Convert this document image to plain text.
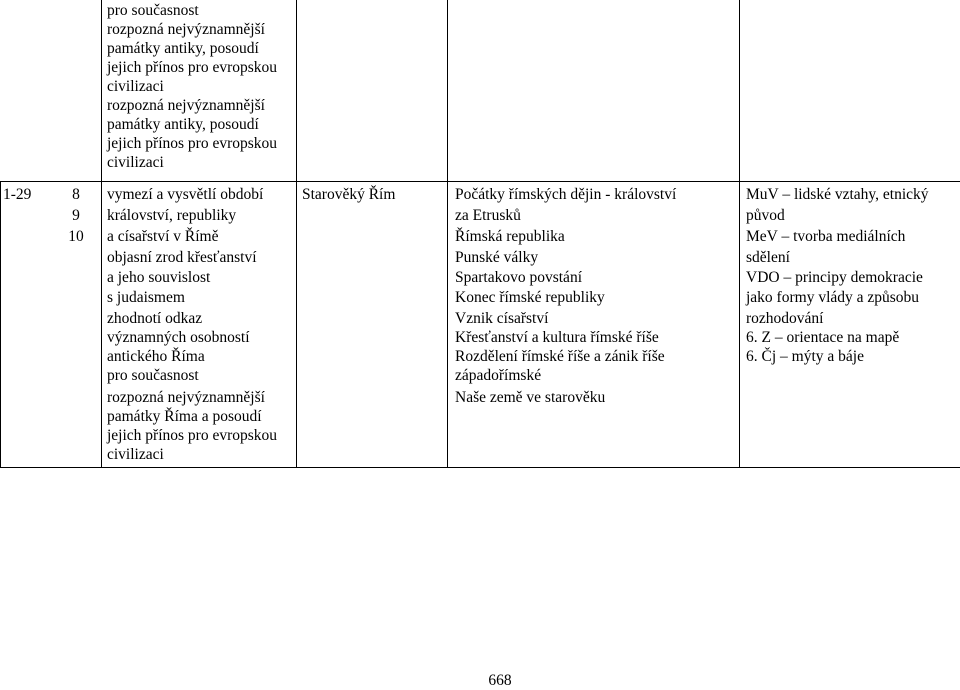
pro současnost
rozpozná nejvýznamnější
památky antiky, posoudí
jejich přínos pro evropskou
civilizaci
rozpozná nejvýznamnější
památky antiky, posoudí
jejich přínos pro evropskou
civilizaci
1-29	8
9
10
vymezí a vysvětlí období
království, republiky
a císařství v Římě
objasní zrod křesťanství
a jeho souvislost
s judaismem
zhodnotí odkaz
významných osobností
antického Říma
pro současnost
rozpozná nejvýznamnější
památky Říma a posoudí
jejich přínos pro evropskou
civilizaci
Starověký Řím	Počátky římských dějin - království
za Etrusků
Římská republika
Punské války
Spartakovo povstání
Konec římské republiky
Vznik císařství
Křesťanství a kultura římské říše
Rozdělení římské říše a zánik říše
západořímské
Naše země ve starověku
MuV – lidské vztahy, etnický
původ
MeV – tvorba mediálních
sdělení
VDO – principy demokracie
jako formy vlády a způsobu
rozhodování
6. Z – orientace na mapě
6. Čj – mýty a báje
668
